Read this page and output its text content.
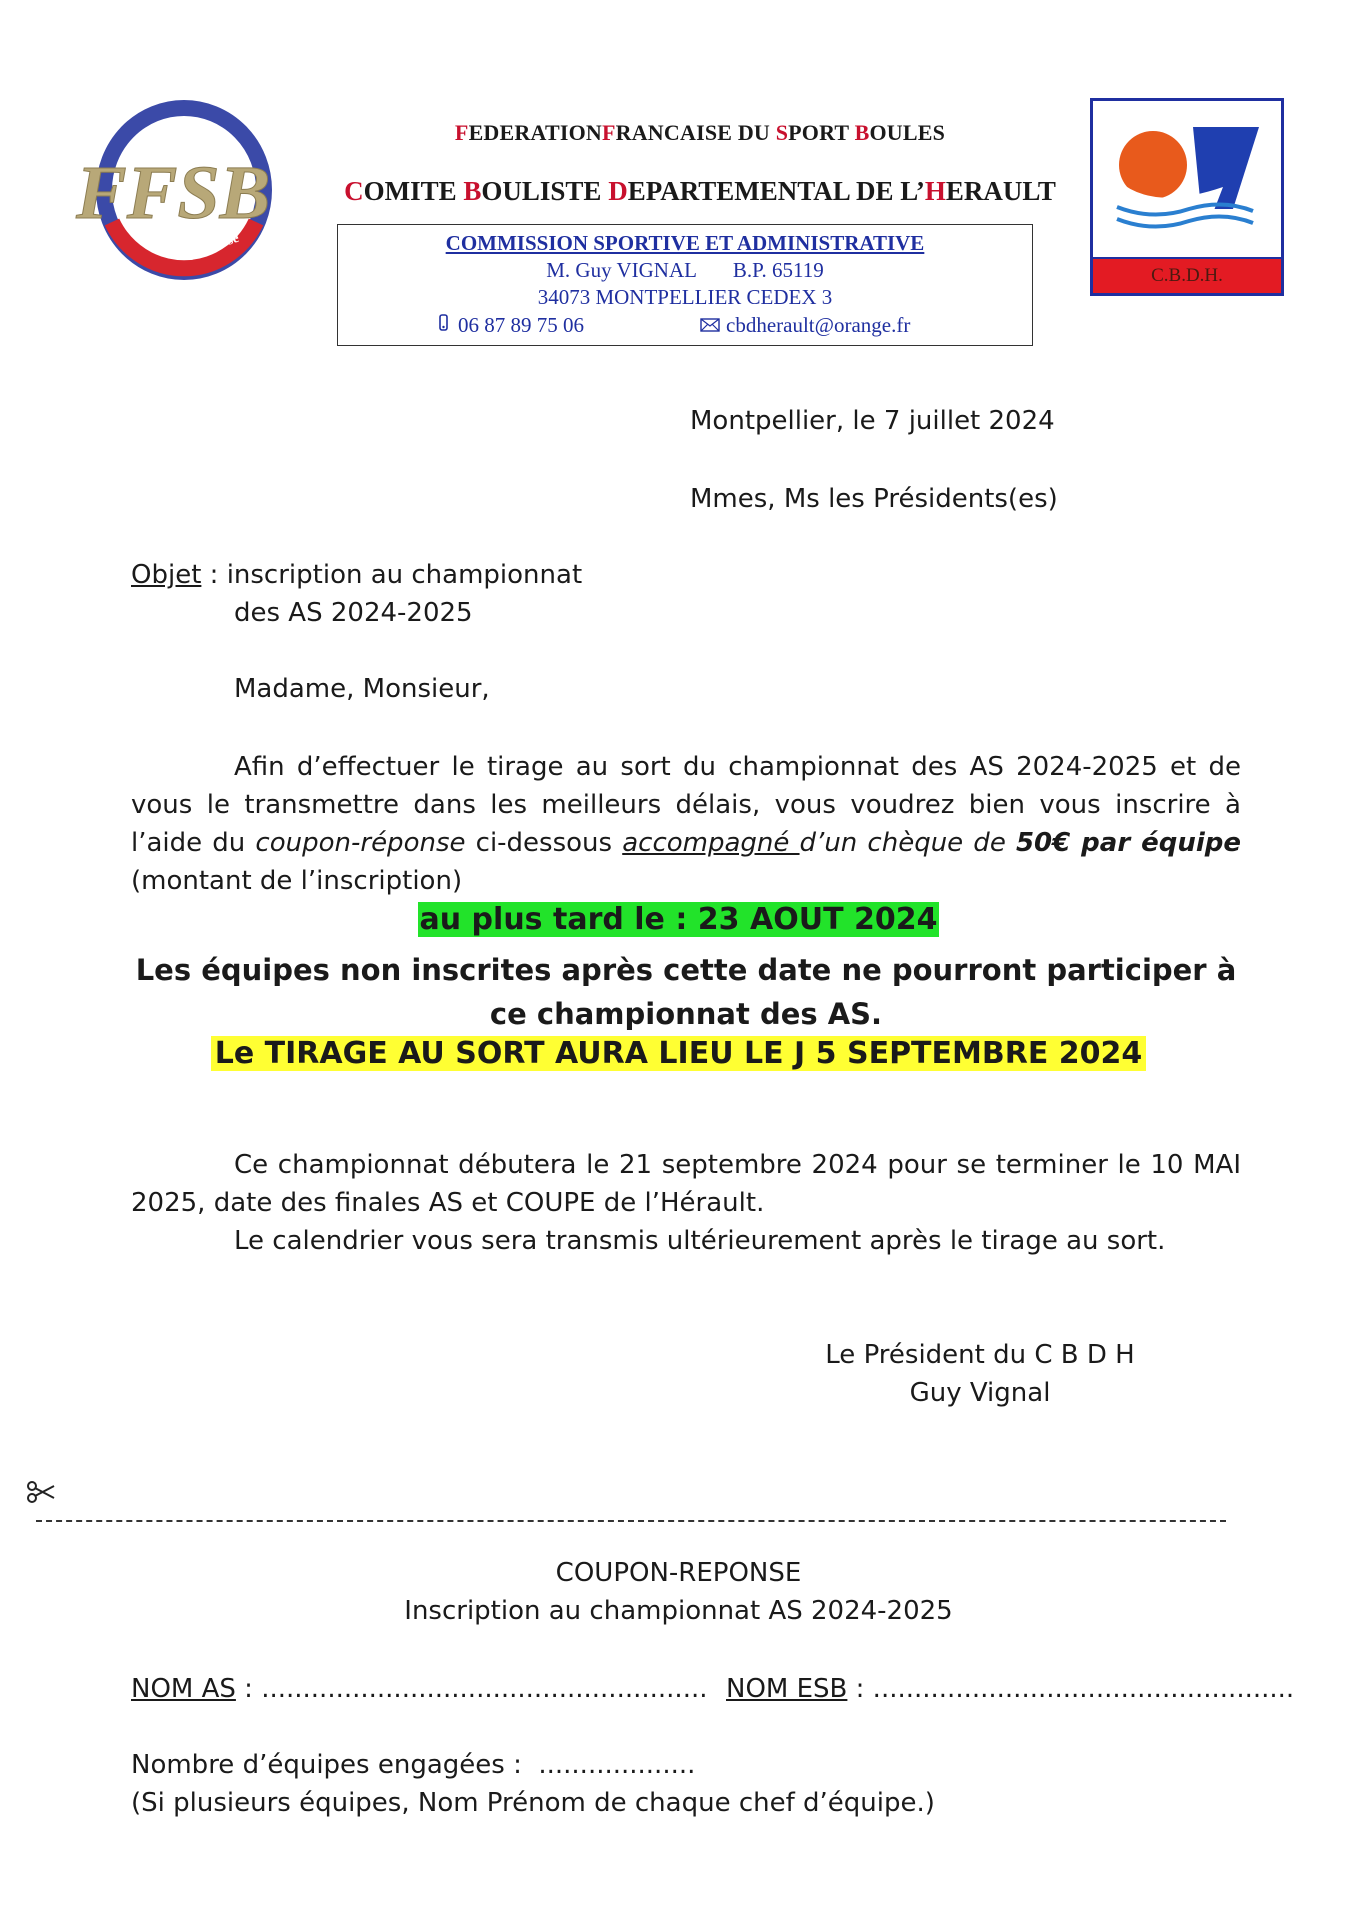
Boule
Lyonnaise
FFSB
FEDERATIONFRANCAISE DU SPORT BOULES
COMITE BOULISTE DEPARTEMENTAL DE L’HERAULT
COMMISSION SPORTIVE ET ADMINISTRATIVE
M. Guy VIGNAL       B.P. 65119
34073 MONTPELLIER CEDEX 3
06 87 89 75 06	cbdherault@orange.fr
C.B.D.H.
Montpellier, le 7 juillet 2024
Mmes, Ms les Présidents(es)
Objet : inscription au championnat
des AS 2024-2025
Madame, Monsieur,
Afin d’effectuer le tirage au sort du championnat des AS 2024-2025 et de vous le transmettre dans les meilleurs délais, vous voudrez bien vous inscrire à l’aide du coupon-réponse ci-dessous accompagné d’un chèque de 50€ par équipe (montant de l’inscription)
au plus tard le : 23 AOUT 2024
Les équipes non inscrites après cette date ne pourront participer à ce championnat des AS.
Le TIRAGE AU SORT AURA LIEU LE J 5 SEPTEMBRE 2024
Ce championnat débutera le 21 septembre 2024 pour se terminer le 10 MAI 2025, date des finales AS et COUPE de l’Hérault.
Le calendrier vous sera transmis ultérieurement après le tirage au sort.
Le Président du C B D H
Guy Vignal
COUPON-REPONSE
Inscription au championnat AS 2024-2025
NOM AS : ...................................................... NOM ESB : ...................................................
Nombre d’équipes engagées :  ...................
(Si plusieurs équipes, Nom Prénom de chaque chef d’équipe.)
